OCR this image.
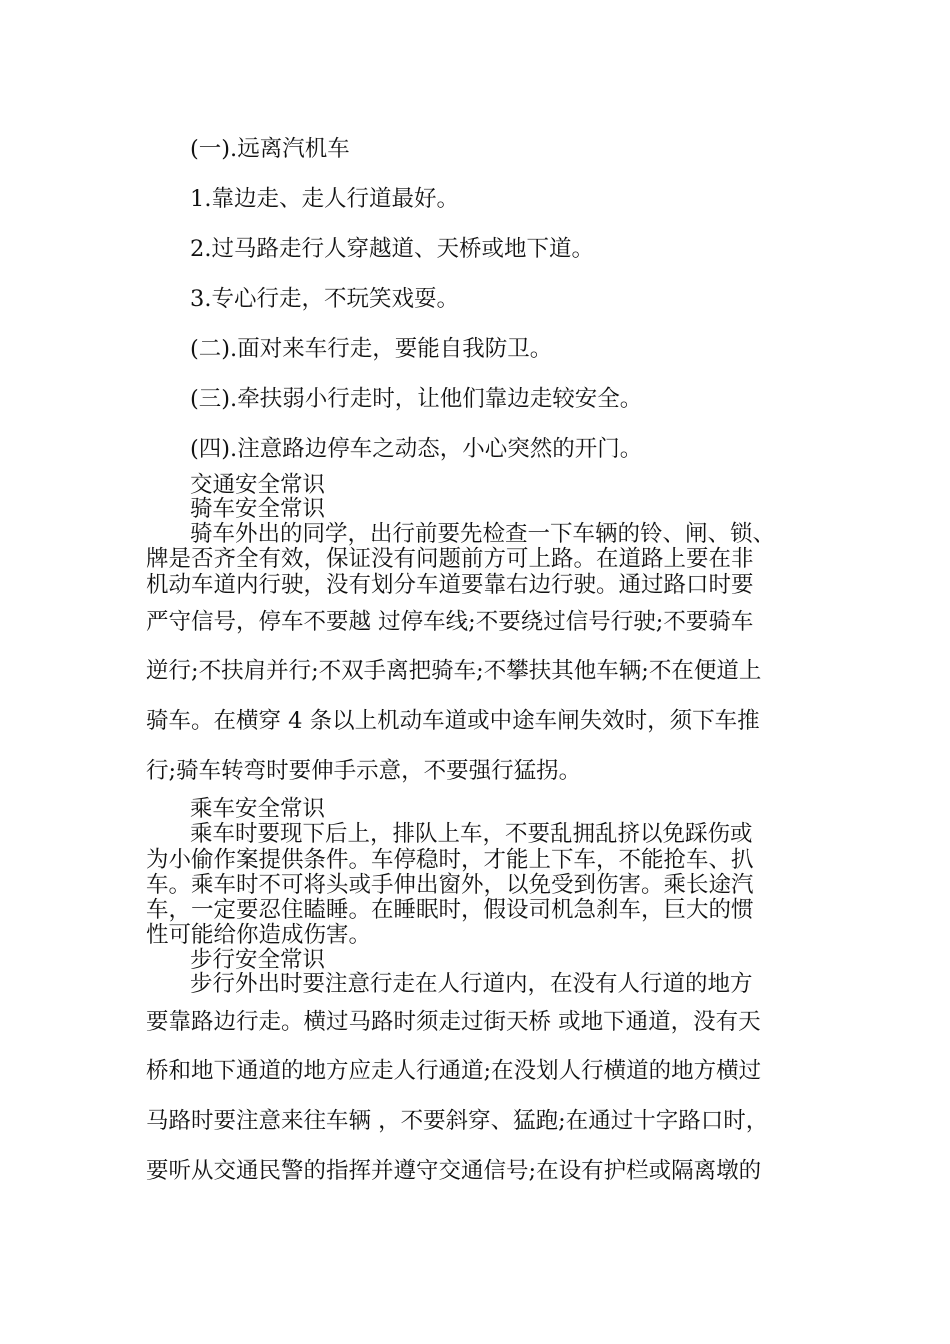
(一).远离汽机车

1.靠边走、走人行道最好。

2.过马路走行人穿越道、天桥或地下道。

3.专心行走，不玩笑戏耍。

(二).面对来车行走，要能自我防卫。

(三).牵扶弱小行走时，让他们靠边走较安全。

(四).注意路边停车之动态，小心突然的开门。

交通安全常识

骑车安全常识

骑车外出的同学，出行前要先检查一下车辆的铃、闸、锁、

牌是否齐全有效，保证没有问题前方可上路。在道路上要在非

机动车道内行驶，没有划分车道要靠右边行驶。通过路口时要

严守信号，停车不要越 过停车线;不要绕过信号行驶;不要骑车

逆行;不扶肩并行;不双手离把骑车;不攀扶其他车辆;不在便道上

骑车。在横穿 4 条以上机动车道或中途车闸失效时，须下车推

行;骑车转弯时要伸手示意，不要强行猛拐。

乘车安全常识

乘车时要现下后上，排队上车，不要乱拥乱挤以免踩伤或

为小偷作案提供条件。车停稳时，才能上下车，不能抢车、扒

车。乘车时不可将头或手伸出窗外，以免受到伤害。乘长途汽

车，一定要忍住瞌睡。在睡眠时，假设司机急刹车，巨大的惯

性可能给你造成伤害。

步行安全常识

步行外出时要注意行走在人行道内，在没有人行道的地方

要靠路边行走。横过马路时须走过街天桥 或地下通道，没有天

桥和地下通道的地方应走人行通道;在没划人行横道的地方横过

马路时要注意来往车辆 ，不要斜穿、猛跑;在通过十字路口时，

要听从交通民警的指挥并遵守交通信号;在设有护栏或隔离墩的
